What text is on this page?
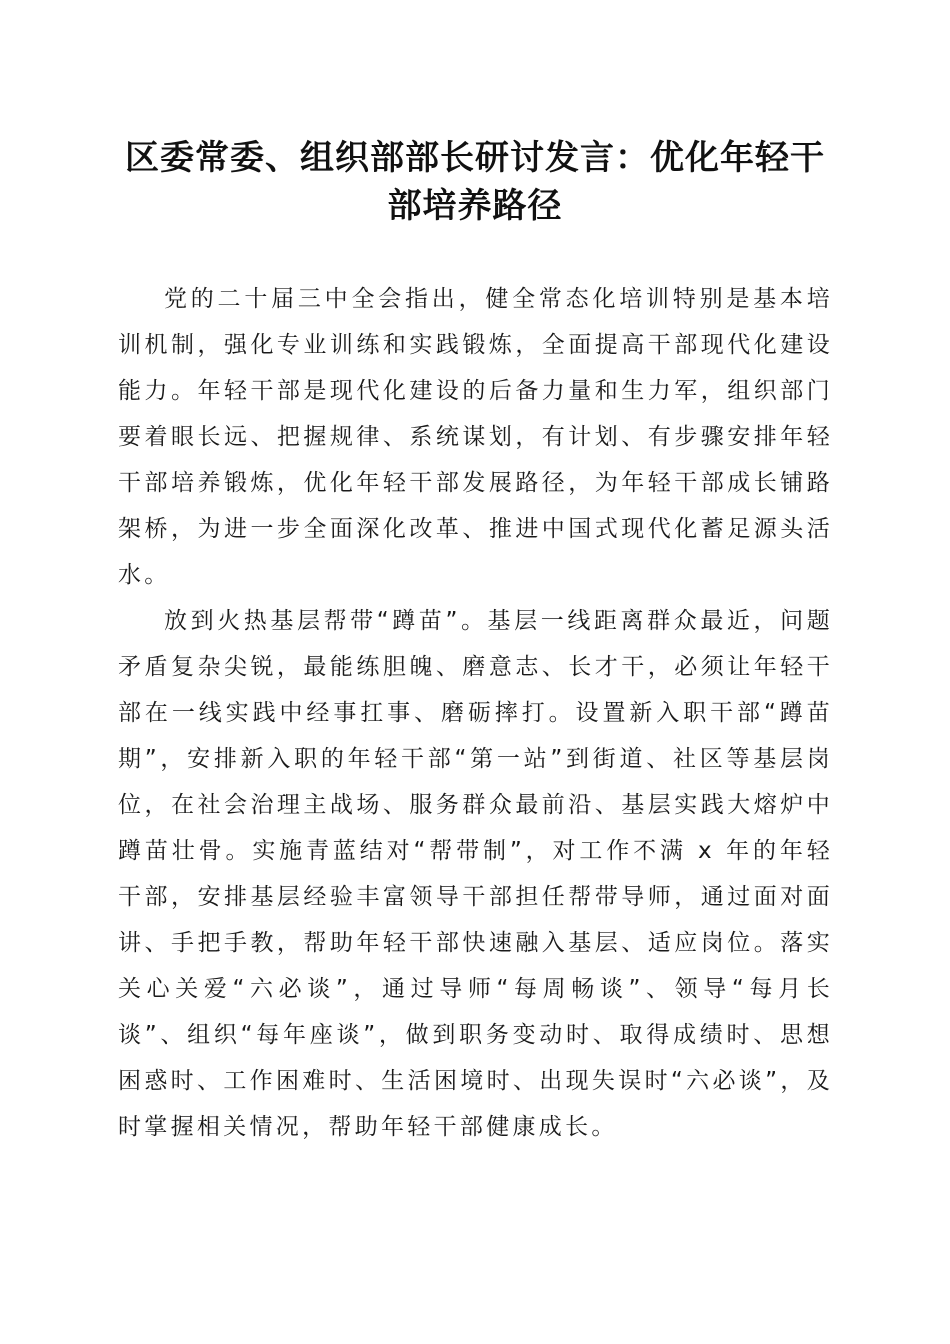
区委常委、组织部部长研讨发言：优化年轻干部培养路径

党的二十届三中全会指出，健全常态化培训特别是基本培训机制，强化专业训练和实践锻炼，全面提高干部现代化建设能力。年轻干部是现代化建设的后备力量和生力军，组织部门要着眼长远、把握规律、系统谋划，有计划、有步骤安排年轻干部培养锻炼，优化年轻干部发展路径，为年轻干部成长铺路架桥，为进一步全面深化改革、推进中国式现代化蓄足源头活水。

放到火热基层帮带“蹲苗”。基层一线距离群众最近，问题矛盾复杂尖锐，最能练胆魄、磨意志、长才干，必须让年轻干部在一线实践中经事扛事、磨砺摔打。设置新入职干部“蹲苗期”，安排新入职的年轻干部“第一站”到街道、社区等基层岗位，在社会治理主战场、服务群众最前沿、基层实践大熔炉中蹲苗壮骨。实施青蓝结对“帮带制”，对工作不满 x 年的年轻干部，安排基层经验丰富领导干部担任帮带导师，通过面对面讲、手把手教，帮助年轻干部快速融入基层、适应岗位。落实关心关爱“六必谈”，通过导师“每周畅谈”、领导“每月长谈”、组织“每年座谈”，做到职务变动时、取得成绩时、思想困惑时、工作困难时、生活困境时、出现失误时“六必谈”，及时掌握相关情况，帮助年轻干部健康成长。
